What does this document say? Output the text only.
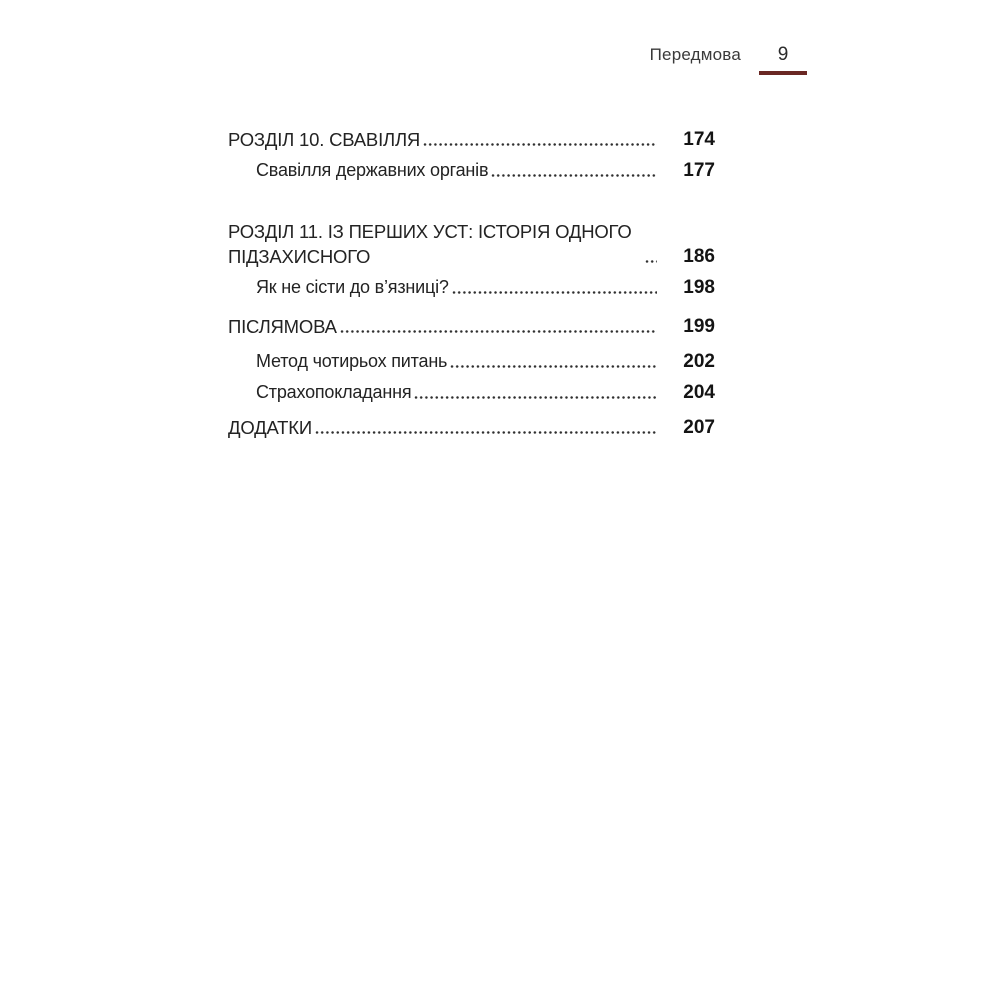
Передмова	9
РОЗДІЛ 10. СВАВІЛЛЯ	174
Свавілля державних органів	177
РОЗДІЛ 11. ІЗ ПЕРШИХ УСТ: ІСТОРІЯ ОДНОГО ПІДЗАХИСНОГО	186
Як не сісти до в’язниці?	198
ПІСЛЯМОВА	199
Метод чотирьох питань	202
Страхопокладання	204
ДОДАТКИ	207
